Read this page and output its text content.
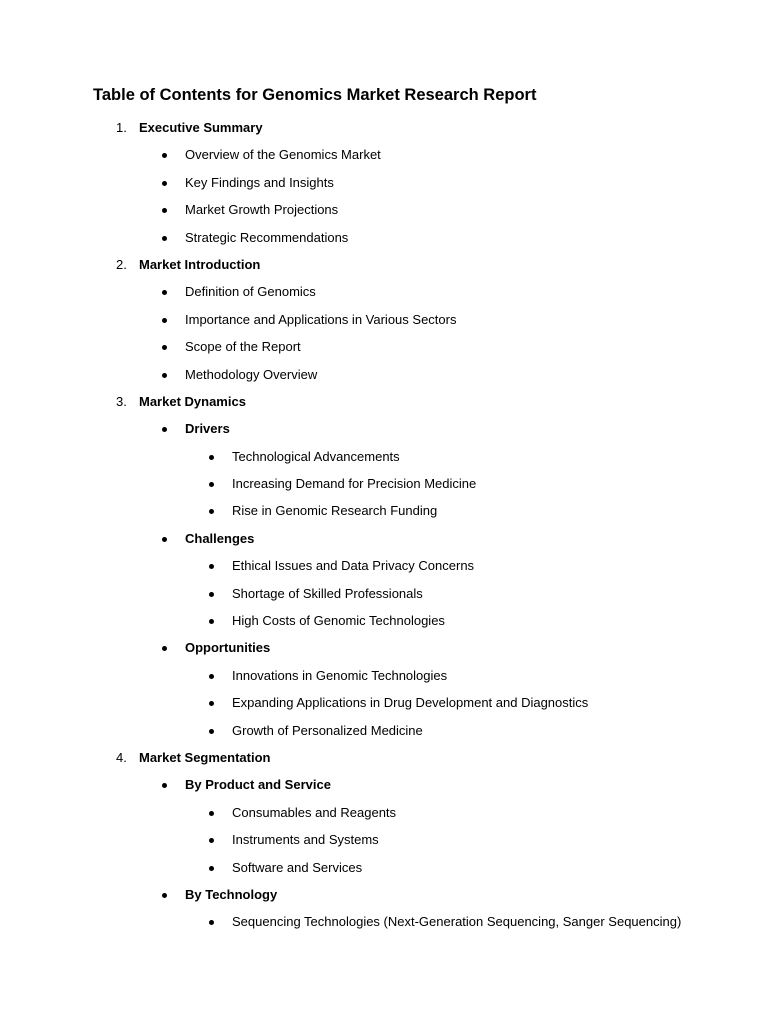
Table of Contents for Genomics Market Research Report
1. Executive Summary
Overview of the Genomics Market
Key Findings and Insights
Market Growth Projections
Strategic Recommendations
2. Market Introduction
Definition of Genomics
Importance and Applications in Various Sectors
Scope of the Report
Methodology Overview
3. Market Dynamics
Drivers
Technological Advancements
Increasing Demand for Precision Medicine
Rise in Genomic Research Funding
Challenges
Ethical Issues and Data Privacy Concerns
Shortage of Skilled Professionals
High Costs of Genomic Technologies
Opportunities
Innovations in Genomic Technologies
Expanding Applications in Drug Development and Diagnostics
Growth of Personalized Medicine
4. Market Segmentation
By Product and Service
Consumables and Reagents
Instruments and Systems
Software and Services
By Technology
Sequencing Technologies (Next-Generation Sequencing, Sanger Sequencing)
